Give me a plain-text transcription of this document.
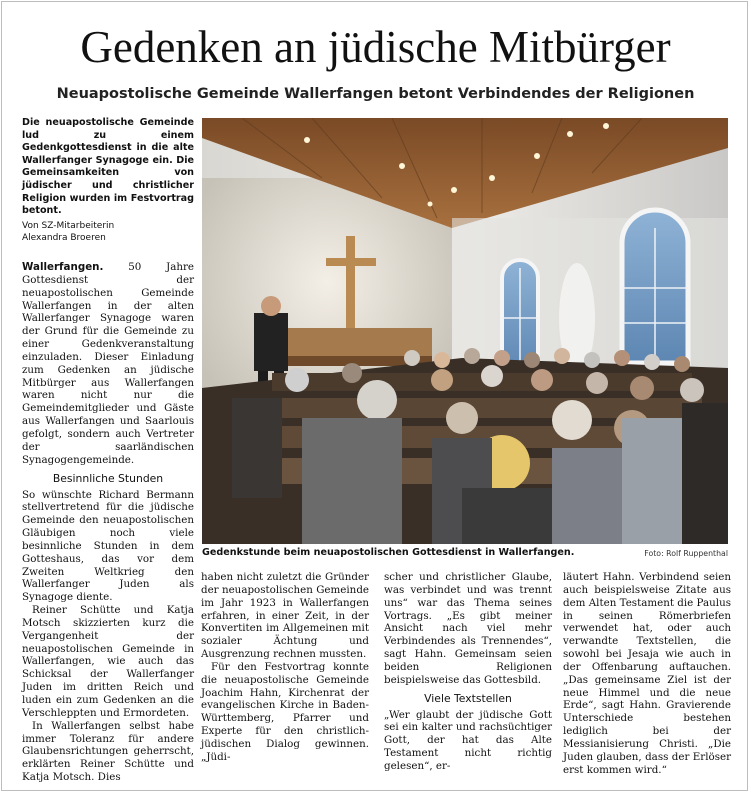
Gedenken an jüdische Mitbürger
Neuapostolische Gemeinde Wallerfangen betont Verbindendes der Religionen
Die neuapostolische Gemeinde lud zu einem Gedenkgottesdienst in die alte Wallerfanger Synagoge ein. Die Gemeinsamkeiten von jüdischer und christlicher Religion wurden im Festvortrag betont.
Von SZ-Mitarbeiterin
Alexandra Broeren

Wallerfangen. 50 Jahre Gottesdienst der neuapostolischen Gemeinde Wallerfangen in der alten Wallerfanger Synagoge waren der Grund für die Gemeinde zu einer Gedenkveranstaltung einzuladen. Dieser Einladung zum Gedenken an jüdische Mitbürger aus Wallerfangen waren nicht nur die Gemeindemitglieder und Gäste aus Wallerfangen und Saarlouis gefolgt, sondern auch Vertreter der saarländischen Synagogengemeinde.

Besinnliche Stunden

So wünschte Richard Bermann stellvertretend für die jüdische Gemeinde den neuapostolischen Gläubigen noch viele besinnliche Stunden in dem Gotteshaus, das vor dem Zweiten Weltkrieg den Wallerfanger Juden als Synagoge diente.

Reiner Schütte und Katja Motsch skizzierten kurz die Vergangenheit der neuapostolischen Gemeinde in Wallerfangen, wie auch das Schicksal der Wallerfanger Juden im dritten Reich und luden ein zum Gedenken an die Verschleppten und Ermordeten.

In Wallerfangen selbst habe immer Toleranz für andere Glaubensrichtungen geherrscht, erklärten Reiner Schütte und Katja Motsch. Dies

Gedenkstunde beim neuapostolischen Gottesdienst in Wallerfangen.	Foto: Rolf Ruppenthal

haben nicht zuletzt die Gründer der neuapostolischen Gemeinde im Jahr 1923 in Wallerfangen erfahren, in einer Zeit, in der Konvertiten im Allgemeinen mit sozialer Ächtung und Ausgrenzung rechnen mussten.

Für den Festvortrag konnte die neuapostolische Gemeinde Joachim Hahn, Kirchenrat der evangelischen Kirche in Baden-Württemberg, Pfarrer und Experte für den christlich-jüdischen Dialog gewinnen. „Jüdi-

scher und christlicher Glaube, was verbindet und was trennt uns“ war das Thema seines Vortrags. „Es gibt meiner Ansicht nach viel mehr Verbindendes als Trennendes“, sagt Hahn. Gemeinsam seien beiden Religionen beispielsweise das Gottesbild.

Viele Textstellen

„Wer glaubt der jüdische Gott sei ein kalter und rachsüchtiger Gott, der hat das Alte Testament nicht richtig gelesen“, er-

läutert Hahn. Verbindend seien auch beispielsweise Zitate aus dem Alten Testament die Paulus in seinen Römerbriefen verwendet hat, oder auch verwandte Textstellen, die sowohl bei Jesaja wie auch in der Offenbarung auftauchen. „Das gemeinsame Ziel ist der neue Himmel und die neue Erde“, sagt Hahn. Gravierende Unterschiede bestehen lediglich bei der Messianisierung Christi. „Die Juden glauben, dass der Erlöser erst kommen wird.“
